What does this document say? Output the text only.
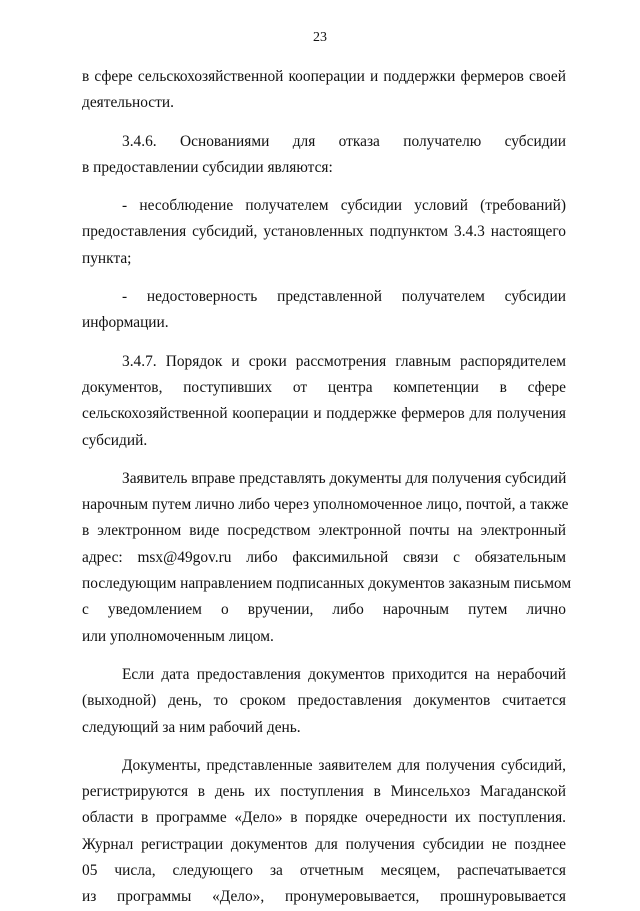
23
в сфере сельскохозяйственной кооперации и поддержки фермеров своей
деятельности.
3.4.6. Основаниями для отказа получателю субсидии
в предоставлении субсидии являются:
- несоблюдение получателем субсидии условий (требований)
предоставления субсидий, установленных подпунктом 3.4.3 настоящего
пункта;
- недостоверность представленной получателем субсидии
информации.
3.4.7. Порядок и сроки рассмотрения главным распорядителем
документов, поступивших от центра компетенции в сфере
сельскохозяйственной кооперации и поддержке фермеров для получения
субсидий.
Заявитель вправе представлять документы для получения субсидий
нарочным путем лично либо через уполномоченное лицо, почтой, а также
в электронном виде посредством электронной почты на электронный
адрес: msx@49gov.ru либо факсимильной связи с обязательным
последующим направлением подписанных документов заказным письмом
с уведомлением о вручении, либо нарочным путем лично
или уполномоченным лицом.
Если дата предоставления документов приходится на нерабочий
(выходной) день, то сроком предоставления документов считается
следующий за ним рабочий день.
Документы, представленные заявителем для получения субсидий,
регистрируются в день их поступления в Минсельхоз Магаданской
области в программе «Дело» в порядке очередности их поступления.
Журнал регистрации документов для получения субсидии не позднее
05 числа, следующего за отчетным месяцем, распечатывается
из программы «Дело», пронумеровывается, прошнуровывается
